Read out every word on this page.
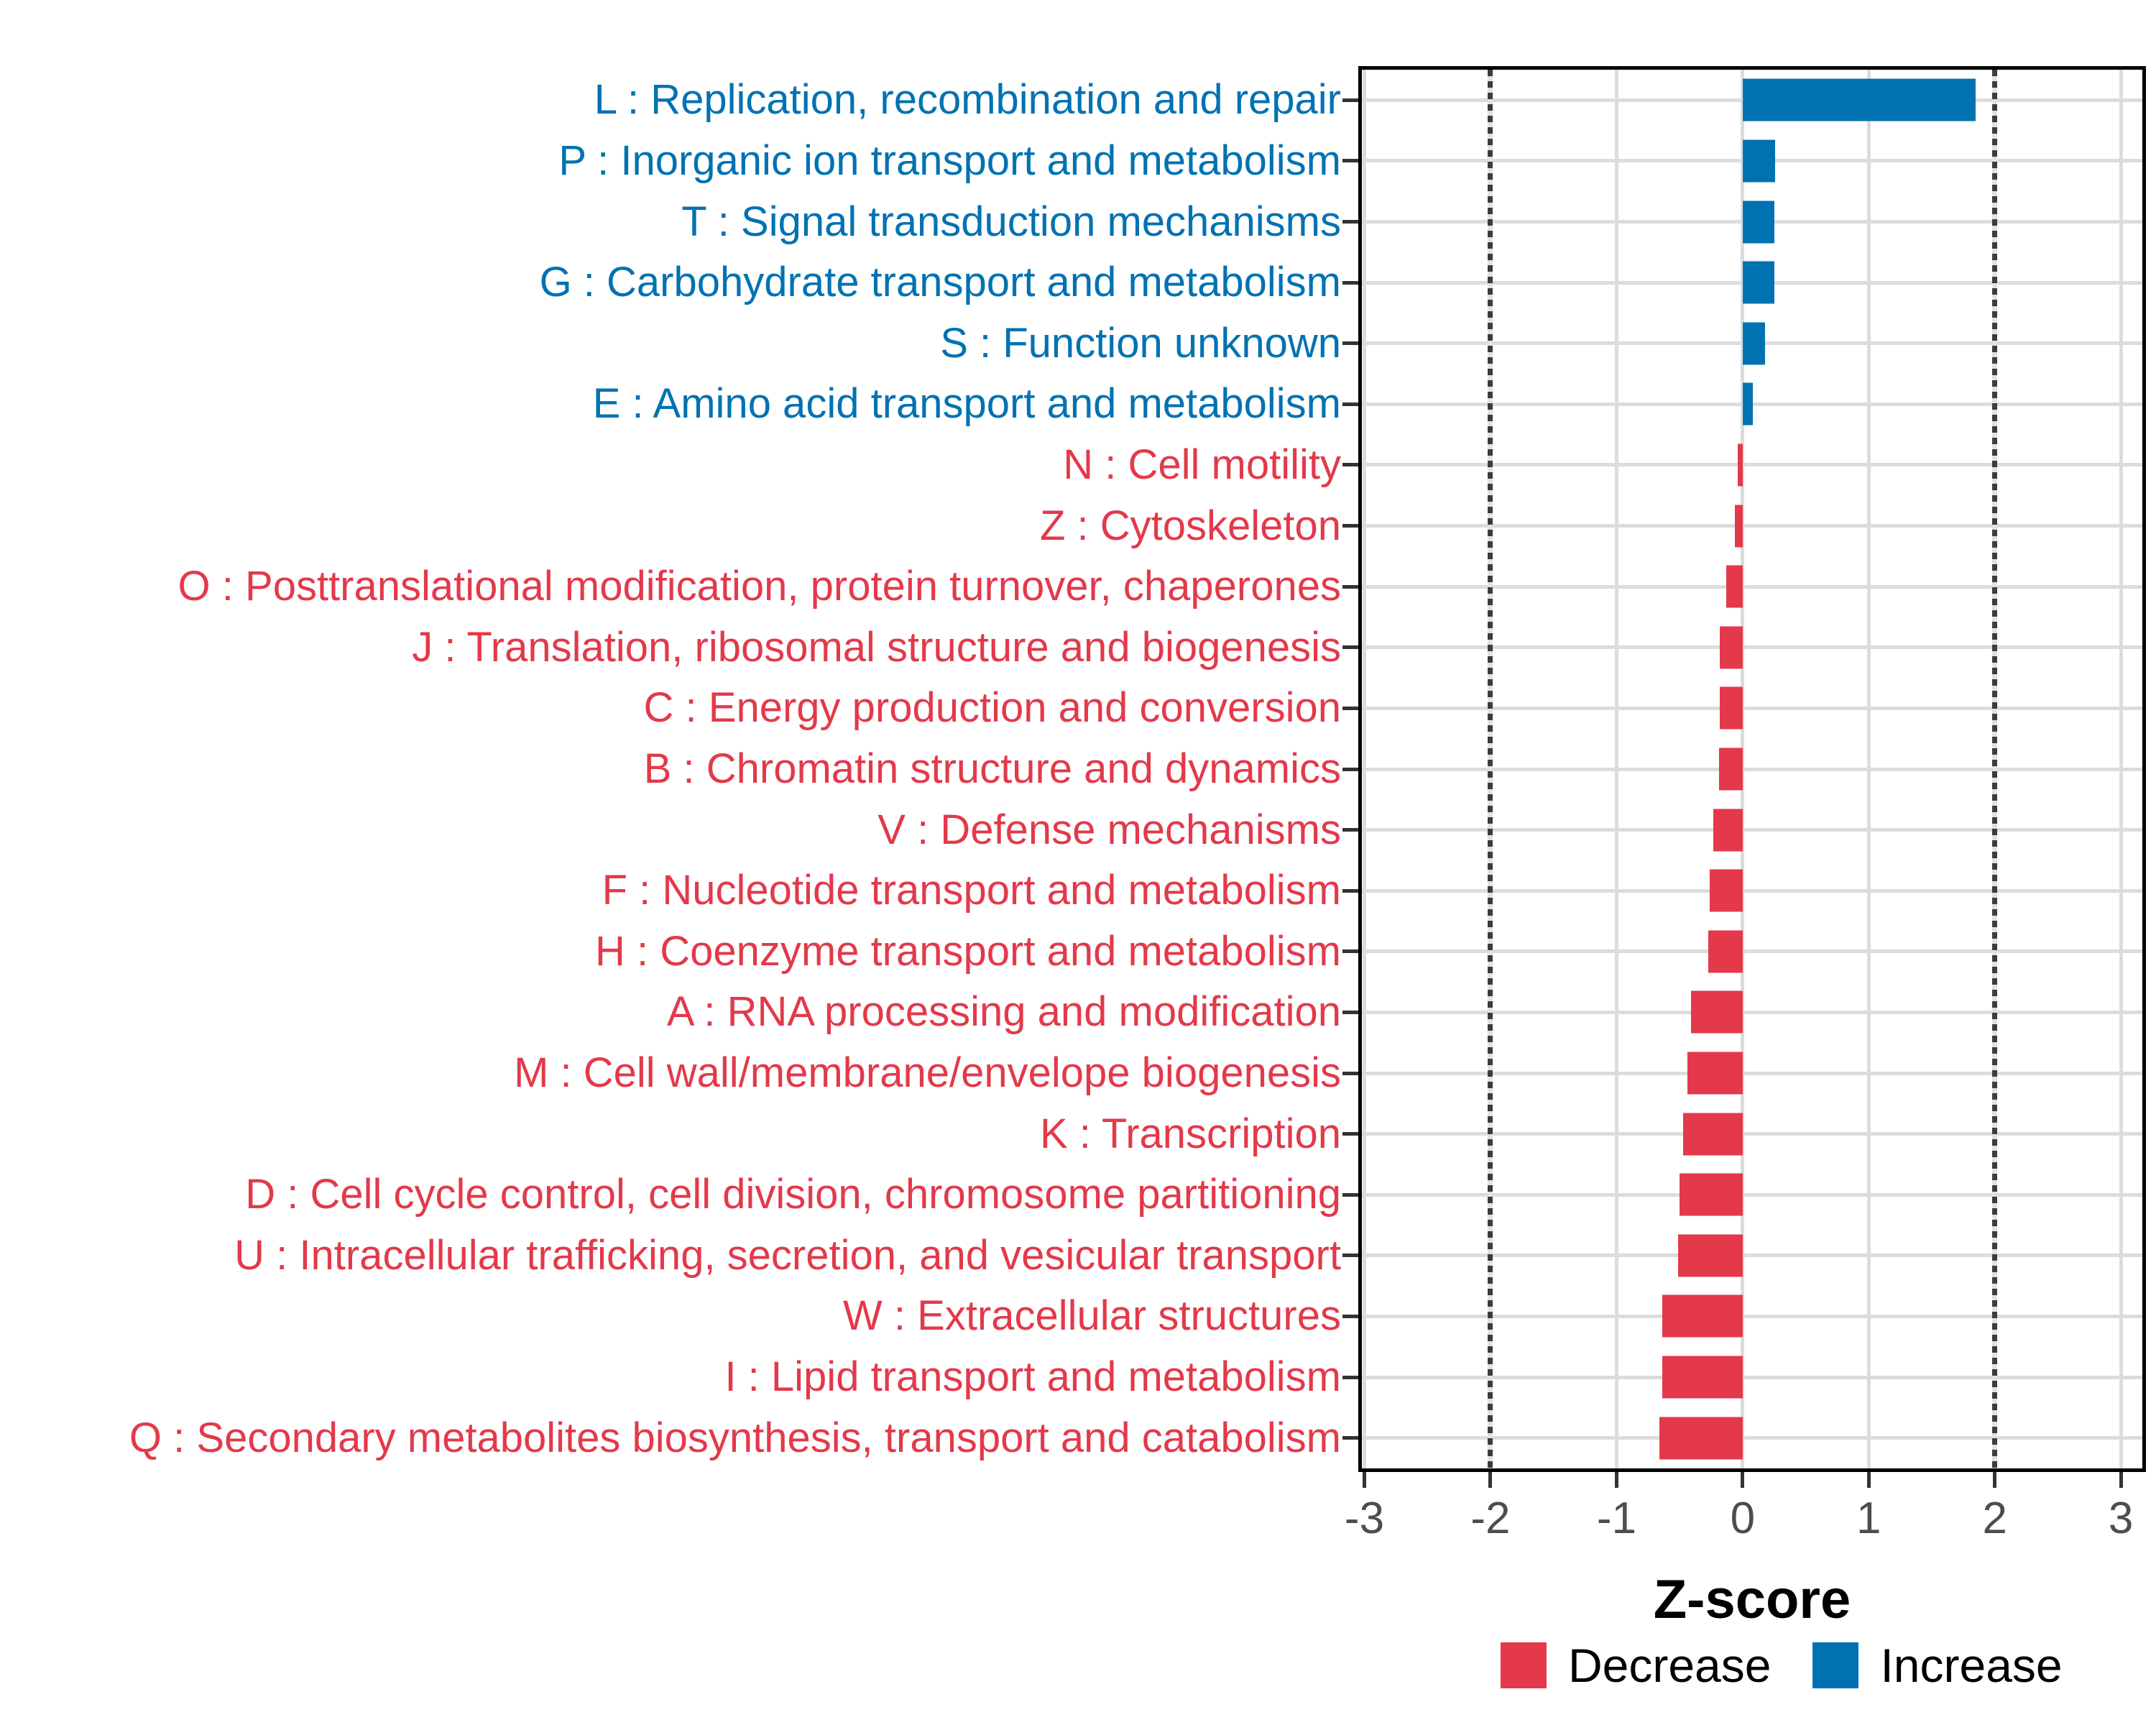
L : Replication, recombination and repair
P : Inorganic ion transport and metabolism
T : Signal transduction mechanisms
G : Carbohydrate transport and metabolism
S : Function unknown
E : Amino acid transport and metabolism
N : Cell motility
Z : Cytoskeleton
O : Posttranslational modification, protein turnover, chaperones
J : Translation, ribosomal structure and biogenesis
C : Energy production and conversion
B : Chromatin structure and dynamics
V : Defense mechanisms
F : Nucleotide transport and metabolism
H : Coenzyme transport and metabolism
A : RNA processing and modification
M : Cell wall/membrane/envelope biogenesis
K : Transcription
D : Cell cycle control, cell division, chromosome partitioning
U : Intracellular trafficking, secretion, and vesicular transport
W : Extracellular structures
I : Lipid transport and metabolism
Q : Secondary metabolites biosynthesis, transport and catabolism
-3 -2 -1 0 1 2 3
Z-score
Decrease Increase
